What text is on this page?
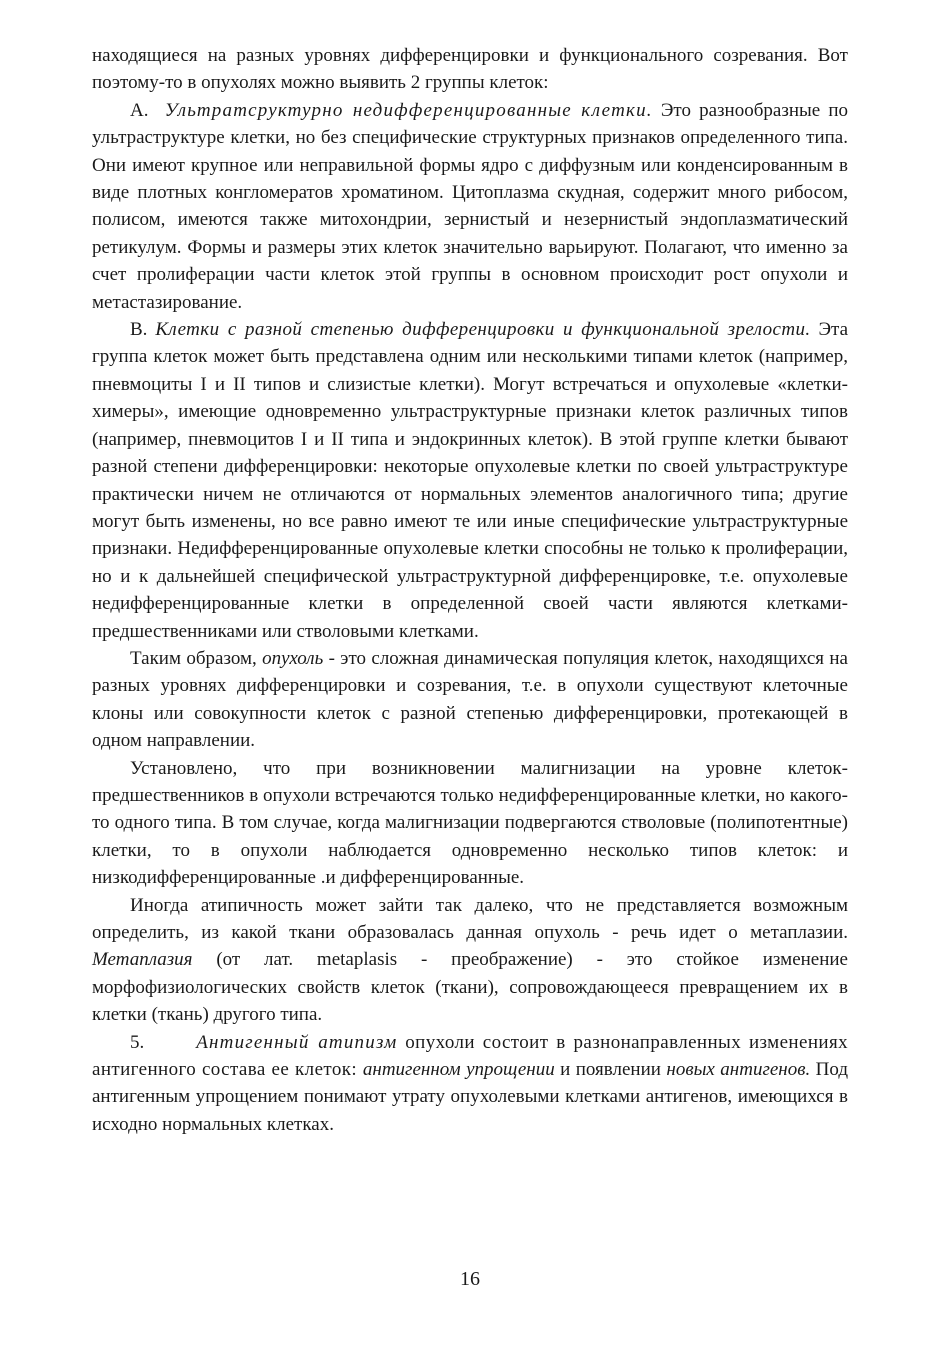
находящиеся на разных уровнях дифференцировки и функционального созревания. Вот поэтому-то в опухолях можно выявить 2 группы клеток:

А. Ультратсруктурно недифференцированные клетки. Это разнообразные по ультраструктуре клетки, но без специфические структурных признаков определенного типа. Они имеют крупное или неправильной формы ядро с диффузным или конденсированным в виде плотных конгломератов хроматином. Цитоплазма скудная, содержит много рибосом, полисом, имеются также митохондрии, зернистый и незернистый эндоплазматический ретикулум. Формы и размеры этих клеток значительно варьируют. Полагают, что именно за счет пролиферации части клеток этой группы в основном происходит рост опухоли и метастазирование.

В. Клетки с разной степенью дифференцировки и функциональной зрелости. Эта группа клеток может быть представлена одним или несколькими типами клеток (например, пневмоциты I и II типов и слизистые клетки). Могут встречаться и опухолевые «клетки-химеры», имеющие одновременно ультраструктурные признаки клеток различных типов (например, пневмоцитов I и II типа и эндокринных клеток). В этой группе клетки бывают разной степени дифференцировки: некоторые опухолевые клетки по своей ультраструктуре практически ничем не отличаются от нормальных элементов аналогичного типа; другие могут быть изменены, но все равно имеют те или иные специфические ультраструктурные признаки. Недифференцированные опухолевые клетки способны не только к пролиферации, но и к дальнейшей специфической ультраструктурной дифференцировке, т.е. опухолевые недифференцированные клетки в определенной своей части являются клетками-предшественниками или стволовыми клетками.

Таким образом, опухоль - это сложная динамическая популяция клеток, находящихся на разных уровнях дифференцировки и созревания, т.е. в опухоли существуют клеточные клоны или совокупности клеток с разной степенью дифференцировки, протекающей в одном направлении.

Установлено, что при возникновении малигнизации на уровне клеток-предшественников в опухоли встречаются только недифференцированные клетки, но какого-то одного типа. В том случае, когда малигнизации подвергаются стволовые (полипотентные) клетки, то в опухоли наблюдается одновременно несколько типов клеток: и низкодифференцированные .и дифференцированные.

Иногда атипичность может зайти так далеко, что не представляется возможным определить, из какой ткани образовалась данная опухоль - речь идет о метаплазии. Метаплазия (от лат. metaplasis - преображение) - это стойкое изменение морфофизиологических свойств клеток (ткани), сопровождающееся превращением их в клетки (ткань) другого типа.

5.	Антигенный атипизм опухоли состоит в разнонаправленных изменениях антигенного состава ее клеток: антигенном упрощении и появлении новых антигенов. Под антигенным упрощением понимают утрату опухолевыми клетками антигенов, имеющихся в исходно нормальных клетках.

16
